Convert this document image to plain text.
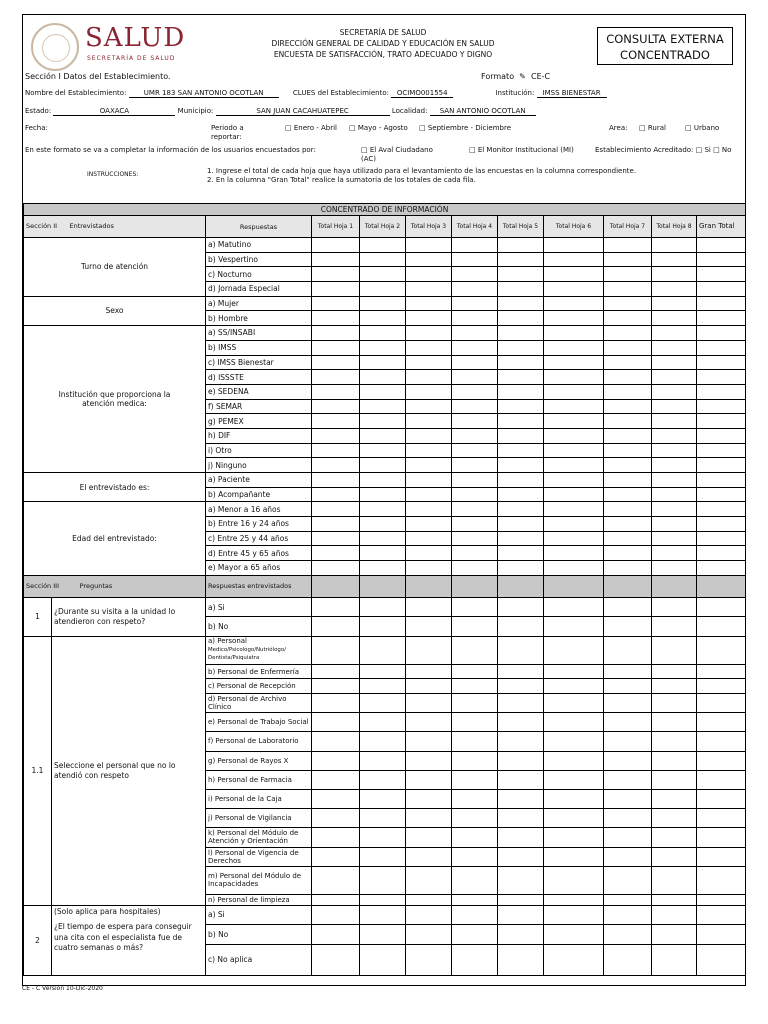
SALUD
SECRETARÍA DE SALUD
SECRETARÍA DE SALUD
DIRECCIÓN GENERAL DE CALIDAD Y EDUCACIÓN EN SALUD
ENCUESTA DE SATISFACCIÓN, TRATO ADECUADO Y DIGNO
CONSULTA EXTERNA
CONCENTRADO
Sección I Datos del Establecimiento.	Formato  ✎  CE-C
Nombre del Establecimiento: UMR 183 SAN ANTONIO OCOTLAN	CLUES del Establecimiento: OCIMO001554	Institución: IMSS BIENESTAR
Estado:	OAXACA	Municipio:	SAN JUAN CACAHUATEPEC	Localidad: SAN ANTONIO OCOTLAN
Fecha:	Periodo a reportar:
□ Enero - Abril □ Mayo - Agosto □ Septiembre - Diciembre	Area: □ Rural	□ Urbano
En este formato se va a completar la información de los usuarios encuestados por:	□ El Aval Ciudadano (AC)
□ El Monitor Institucional (MI)	Establecimiento Acreditado: □ Si □ No
INSTRUCCIONES:	1. Ingrese el total de cada hoja que haya utilizado para el levantamiento de las encuestas en la columna correspondiente.
2. En la columna "Gran Total" realice la sumatoria de los totales de cada fila.
CONCENTRADO DE INFORMACIÓN											
Sección II Entrevistados		Respuestas	Total Hoja 1	Total Hoja 2	Total Hoja 3	Total Hoja 4	Total Hoja 5	Total Hoja 6	Total Hoja 7	Total Hoja 8	Gran Total
Turno de atención		a) Matutino									
		b) Vespertino									
		c) Nocturno									
		d) Jornada Especial									
Sexo		a) Mujer									
		b) Hombre									
Institución que proporciona la atención medica:		a) SS/INSABI									
		b) IMSS									
		c) IMSS Bienestar									
		d) ISSSTE									
		e) SEDENA									
		f) SEMAR									
		g) PEMEX									
		h) DIF									
		i) Otro									
		j) Ninguno									
El entrevistado es:		a) Paciente									
		b) Acompañante									
Edad del entrevistado:		a) Menor a 16 años									
		b) Entre 16 y 24 años									
		c) Entre 25 y 44 años									
		d) Entre 45 y 65 años									
		e) Mayor a 65 años									
Sección III Preguntas		Respuestas entrevistados									
1	¿Durante su visita a la unidad lo atendieron con respeto?	a) Si									
		b) No									
1.1	Seleccione el personal que no lo atendió con respeto	a) Personal
Medico/Psicologo/Nutriólogo/ Dentista/Psiquiatra									
		b) Personal de Enfermería									
		c) Personal de Recepción									
		d) Personal de Archivo Clínico									
		e) Personal de Trabajo Social									
		f) Personal de Laboratorio									
		g) Personal de Rayos X									
		h) Personal de Farmacia									
		i) Personal de la Caja									
		j) Personal de Vigilancia									
		k) Personal del Módulo de Atención y Orientación									
		l) Personal de Vigencia de Derechos									
		m) Personal del Módulo de Incapacidades									
		n) Personal de limpieza									
2	(Solo aplica para hospitales)
¿El tiempo de espera para conseguir una cita con el especialista fue de cuatro semanas o más?	a) Si									
		b) No									
		c) No aplica									
CE - C Versión 10-Dic-2020
